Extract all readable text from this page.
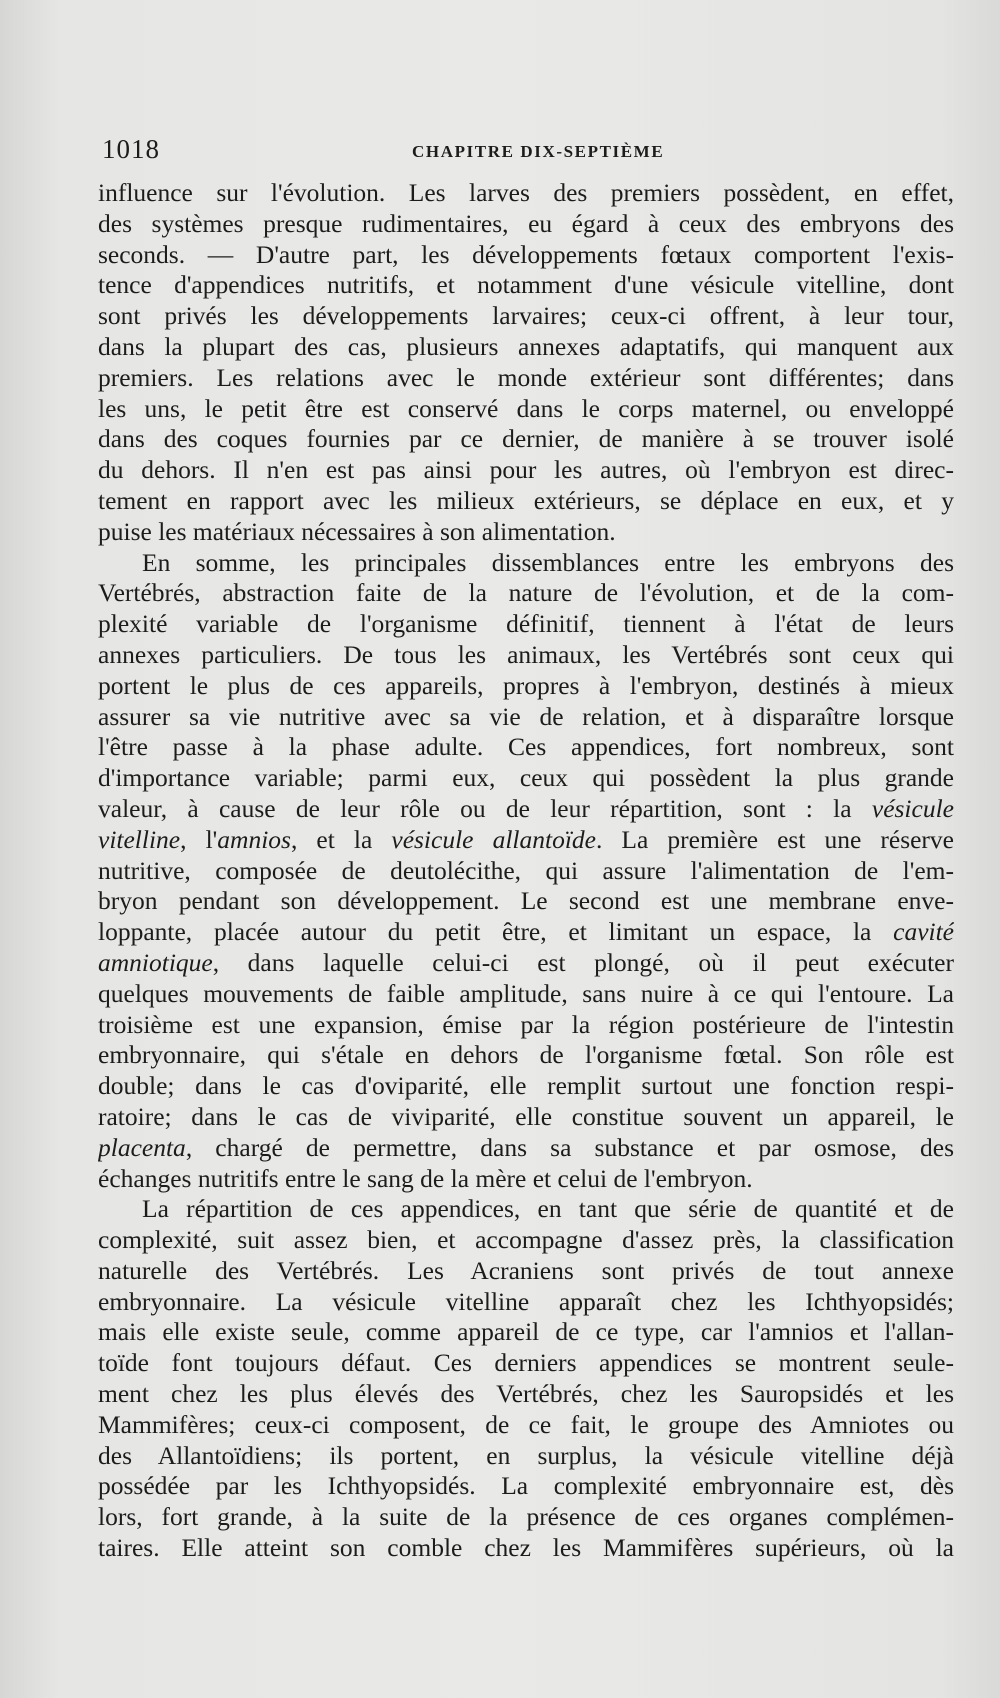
1018	CHAPITRE DIX-SEPTIÈME
influence sur l'évolution. Les larves des premiers possèdent, en effet,
des systèmes presque rudimentaires, eu égard à ceux des embryons des
seconds. — D'autre part, les développements fœtaux comportent l'exis-
tence d'appendices nutritifs, et notamment d'une vésicule vitelline, dont
sont privés les développements larvaires; ceux-ci offrent, à leur tour,
dans la plupart des cas, plusieurs annexes adaptatifs, qui manquent aux
premiers. Les relations avec le monde extérieur sont différentes; dans
les uns, le petit être est conservé dans le corps maternel, ou enveloppé
dans des coques fournies par ce dernier, de manière à se trouver isolé
du dehors. Il n'en est pas ainsi pour les autres, où l'embryon est direc-
tement en rapport avec les milieux extérieurs, se déplace en eux, et y
puise les matériaux nécessaires à son alimentation.
En somme, les principales dissemblances entre les embryons des
Vertébrés, abstraction faite de la nature de l'évolution, et de la com-
plexité variable de l'organisme définitif, tiennent à l'état de leurs
annexes particuliers. De tous les animaux, les Vertébrés sont ceux qui
portent le plus de ces appareils, propres à l'embryon, destinés à mieux
assurer sa vie nutritive avec sa vie de relation, et à disparaître lorsque
l'être passe à la phase adulte. Ces appendices, fort nombreux, sont
d'importance variable; parmi eux, ceux qui possèdent la plus grande
valeur, à cause de leur rôle ou de leur répartition, sont : la vésicule
vitelline, l'amnios, et la vésicule allantoïde. La première est une réserve
nutritive, composée de deutolécithe, qui assure l'alimentation de l'em-
bryon pendant son développement. Le second est une membrane enve-
loppante, placée autour du petit être, et limitant un espace, la cavité
amniotique, dans laquelle celui-ci est plongé, où il peut exécuter
quelques mouvements de faible amplitude, sans nuire à ce qui l'entoure. La
troisième est une expansion, émise par la région postérieure de l'intestin
embryonnaire, qui s'étale en dehors de l'organisme fœtal. Son rôle est
double; dans le cas d'oviparité, elle remplit surtout une fonction respi-
ratoire; dans le cas de viviparité, elle constitue souvent un appareil, le
placenta, chargé de permettre, dans sa substance et par osmose, des
échanges nutritifs entre le sang de la mère et celui de l'embryon.
La répartition de ces appendices, en tant que série de quantité et de
complexité, suit assez bien, et accompagne d'assez près, la classification
naturelle des Vertébrés. Les Acraniens sont privés de tout annexe
embryonnaire. La vésicule vitelline apparaît chez les Ichthyopsidés;
mais elle existe seule, comme appareil de ce type, car l'amnios et l'allan-
toïde font toujours défaut. Ces derniers appendices se montrent seule-
ment chez les plus élevés des Vertébrés, chez les Sauropsidés et les
Mammifères; ceux-ci composent, de ce fait, le groupe des Amniotes ou
des Allantoïdiens; ils portent, en surplus, la vésicule vitelline déjà
possédée par les Ichthyopsidés. La complexité embryonnaire est, dès
lors, fort grande, à la suite de la présence de ces organes complémen-
taires. Elle atteint son comble chez les Mammifères supérieurs, où la
